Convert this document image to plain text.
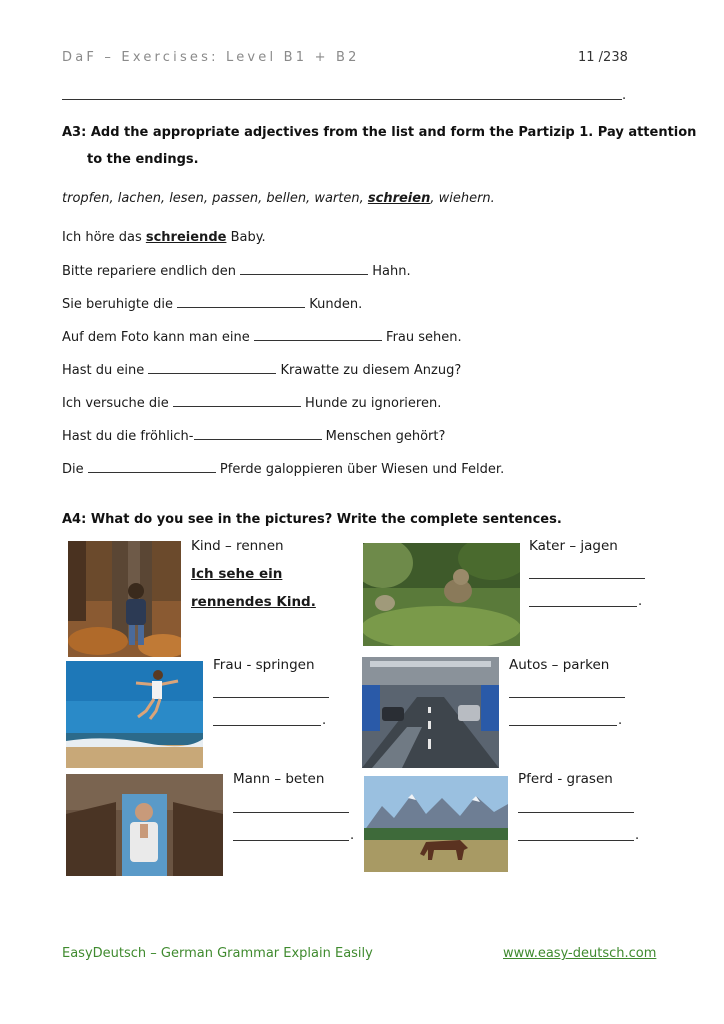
DaF – Exercises: Level B1 + B2	11 /238
.
A3: Add the appropriate adjectives from the list and form the Partizip 1. Pay attention
to the endings.
tropfen, lachen, lesen, passen, bellen, warten, schreien, wiehern.
Ich höre das schreiende Baby.
Bitte repariere endlich den	Hahn.
Sie beruhigte die	Kunden.
Auf dem Foto kann man eine	Frau sehen.
Hast du eine	Krawatte zu diesem Anzug?
Ich versuche die	Hunde zu ignorieren.
Hast du die fröhlich-	Menschen gehört?
Die	Pferde galoppieren über Wiesen und Felder.
A4: What do you see in the pictures? Write the complete sentences.
Kind – rennen
Ich sehe ein
rennendes Kind.
Kater – jagen
.
Frau - springen
.
Autos – parken
.
Mann – beten
.
Pferd - grasen
.
EasyDeutsch – German Grammar Explain Easily	www.easy-deutsch.com
